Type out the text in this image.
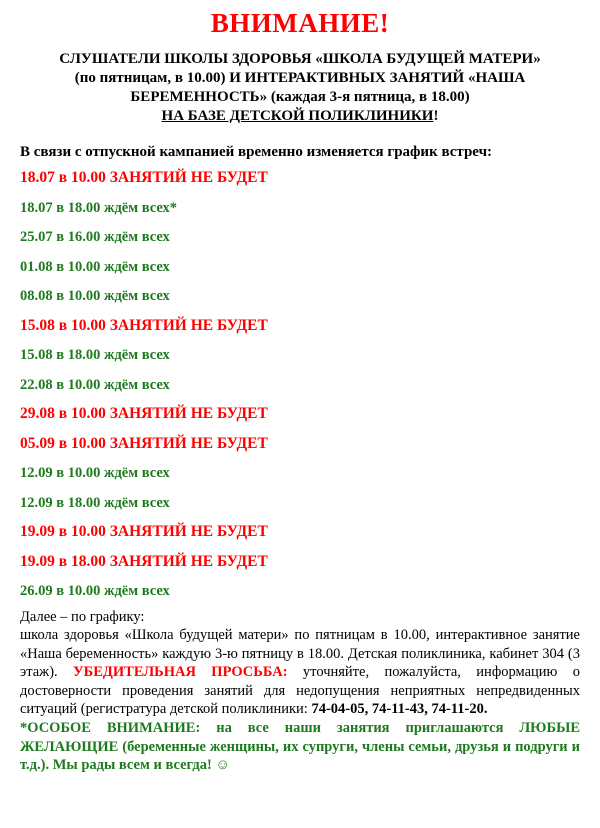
ВНИМАНИЕ!
СЛУШАТЕЛИ ШКОЛЫ ЗДОРОВЬЯ «ШКОЛА БУДУЩЕЙ МАТЕРИ»
(по пятницам, в 10.00) И ИНТЕРАКТИВНЫХ ЗАНЯТИЙ «НАША
БЕРЕМЕННОСТЬ» (каждая 3-я пятница, в 18.00)
НА БАЗЕ ДЕТСКОЙ ПОЛИКЛИНИКИ!
В связи с отпускной кампанией временно изменяется график встреч:
18.07 в 10.00 ЗАНЯТИЙ НЕ БУДЕТ
18.07 в 18.00 ждём всех*
25.07 в 16.00 ждём всех
01.08 в 10.00 ждём всех
08.08 в 10.00 ждём всех
15.08 в 10.00 ЗАНЯТИЙ НЕ БУДЕТ
15.08 в 18.00 ждём всех
22.08 в 10.00 ждём всех
29.08 в 10.00 ЗАНЯТИЙ НЕ БУДЕТ
05.09 в 10.00 ЗАНЯТИЙ НЕ БУДЕТ
12.09 в 10.00 ждём всех
12.09 в 18.00 ждём всех
19.09 в 10.00 ЗАНЯТИЙ НЕ БУДЕТ
19.09 в 18.00 ЗАНЯТИЙ НЕ БУДЕТ
26.09 в 10.00 ждём всех

Далее – по графику:

школа здоровья «Школа будущей матери» по пятницам в 10.00, интерактивное занятие «Наша беременность» каждую 3-ю пятницу в 18.00. Детская поликлиника, кабинет 304 (3 этаж). УБЕДИТЕЛЬНАЯ ПРОСЬБА: уточняйте, пожалуйста, информацию о достоверности проведения занятий для недопущения неприятных непредвиденных ситуаций (регистратура детской поликлиники: 74-04-05, 74-11-43, 74-11-20.

*ОСОБОЕ ВНИМАНИЕ: на все наши занятия приглашаются ЛЮБЫЕ ЖЕЛАЮЩИЕ (беременные женщины, их супруги, члены семьи, друзья и подруги и т.д.). Мы рады всем и всегда! ☺
